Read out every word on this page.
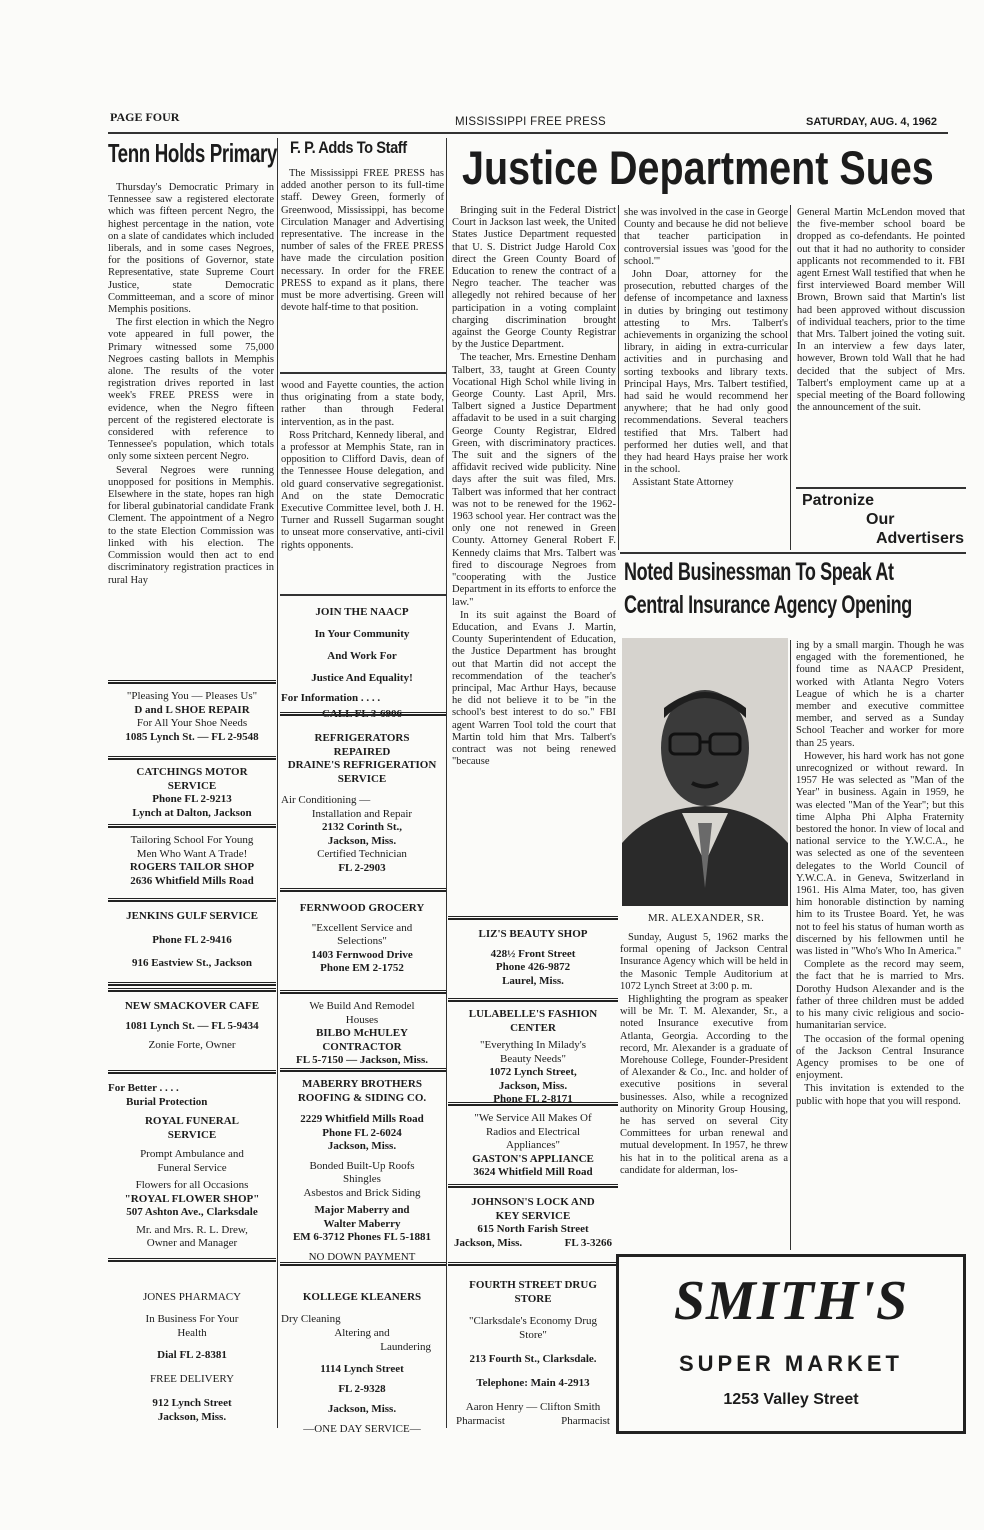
PAGE FOUR	MISSISSIPPI FREE PRESS	SATURDAY, AUG. 4, 1962
Tenn Holds Primary

Thursday's Democratic Primary in Tennessee saw a registered electorate which was fifteen percent Negro, the highest percentage in the nation, vote on a slate of candidates which included liberals, and in some cases Negroes, for the positions of Governor, state Representative, state Supreme Court Justice, state Democratic Committeeman, and a score of minor Memphis positions.

The first election in which the Negro vote appeared in full power, the Primary witnessed some 75,000 Negroes casting ballots in Memphis alone. The results of the voter registration drives reported in last week's FREE PRESS were in evidence, when the Negro fifteen percent of the registered electorate is considered with reference to Tennessee's population, which totals only some sixteen percent Negro.

Several Negroes were running unopposed for positions in Memphis. Elsewhere in the state, hopes ran high for liberal gubinatorial candidate Frank Clement. The appointment of a Negro to the state Election Commission was linked with his election. The Commission would then act to end discriminatory registration practices in rural Hay

F. P. Adds To Staff

The Mississippi FREE PRESS has added another person to its full-time staff. Dewey Green, formerly of Greenwood, Mississippi, has become Circulation Manager and Advertising representative. The increase in the number of sales of the FREE PRESS have made the circulation position necessary. In order for the FREE PRESS to expand as it plans, there must be more advertising. Green will devote half-time to that position.

wood and Fayette counties, the action thus originating from a state body, rather than through Federal intervention, as in the past.

Ross Pritchard, Kennedy liberal, and a professor at Memphis State, ran in opposition to Clifford Davis, dean of the Tennessee House delegation, and old guard conservative segregationist. And on the state Democratic Executive Committee level, both J. H. Turner and Russell Sugarman sought to unseat more conservative, anti-civil rights opponents.

Justice Department Sues

Bringing suit in the Federal District Court in Jackson last week, the United States Justice Department requested that U. S. District Judge Harold Cox direct the Green County Board of Education to renew the contract of a Negro teacher. The teacher was allegedly not rehired because of her participation in a voting complaint charging discrimination brought against the George County Registrar by the Justice Department.

The teacher, Mrs. Ernestine Denham Talbert, 33, taught at Green County Vocational High Schol while living in George County. Last April, Mrs. Talbert signed a Justice Department affadavit to be used in a suit charging George County Registrar, Eldred Green, with discriminatory practices. The suit and the signers of the affidavit recived wide publicity. Nine days after the suit was filed, Mrs. Talbert was informed that her contract was not to be renewed for the 1962-1963 school year. Her contract was the only one not renewed in Green County. Attorney General Robert F. Kennedy claims that Mrs. Talbert was fired to discourage Negroes from "cooperating with the Justice Department in its efforts to enforce the law."

In its suit against the Board of Education, and Evans J. Martin, County Superintendent of Education, the Justice Department has brought out that Martin did not accept the recommendation of the teacher's principal, Mac Arthur Hays, because he did not believe it to be "in the school's best interest to do so." FBI agent Warren Tool told the court that Martin told him that Mrs. Talbert's contract was not being renewed "because

she was involved in the case in George County and because he did not believe that teacher participation in controversial issues was 'good for the school.'"

John Doar, attorney for the prosecution, rebutted charges of the defense of incompetance and laxness in duties by bringing out testimony attesting to Mrs. Talbert's achievements in organizing the school library, in aiding in extra-curricular activities and in purchasing and sorting texbooks and library texts. Principal Hays, Mrs. Talbert testified, had said he would recommend her anywhere; that he had only good recommendations. Several teachers testified that Mrs. Talbert had performed her duties well, and that they had heard Hays praise her work in the school.

Assistant State Attorney

General Martin McLendon moved that the five-member school board be dropped as co-defendants. He pointed out that it had no authority to consider applicants not recommended to it. FBI agent Ernest Wall testified that when he first interviewed Board member Will Brown, Brown said that Martin's list had been approved without discussion of individual teachers, prior to the time that Mrs. Talbert joined the voting suit. In an interview a few days later, however, Brown told Wall that he had decided that the subject of Mrs. Talbert's employment came up at a special meeting of the Board following the announcement of the suit.

Patronize
Our
Advertisers
Noted Businessman To Speak At
Central Insurance Agency Opening
MR. ALEXANDER, SR.

Sunday, August 5, 1962 marks the formal opening of Jackson Central Insurance Agency which will be held in the Masonic Temple Auditorium at 1072 Lynch Street at 3:00 p. m.

Highlighting the program as speaker will be Mr. T. M. Alexander, Sr., a noted Insurance executive from Atlanta, Georgia. According to the record, Mr. Alexander is a graduate of Morehouse College, Founder-President of Alexander & Co., Inc. and holder of executive positions in several businesses. Also, while a recognized authority on Minority Group Housing, he has served on several City Committees for urban renewal and mutual development. In 1957, he threw his hat in to the political arena as a candidate for alderman, los-

ing by a small margin. Though he was engaged with the forementioned, he found time as NAACP President, worked with Atlanta Negro Voters League of which he is a charter member and executive committee member, and served as a Sunday School Teacher and worker for more than 25 years.

However, his hard work has not gone unrecognized or without reward. In 1957 He was selected as "Man of the Year" in business. Again in 1959, he was elected "Man of the Year"; but this time Alpha Phi Alpha Fraternity bestored the honor. In view of local and national service to the Y.W.C.A., he was selected as one of the seventeen delegates to the World Council of Y.W.C.A. in Geneva, Switzerland in 1961. His Alma Mater, too, has given him honorable distinction by naming him to its Trustee Board. Yet, he was not to feel his status of human worth as discerned by his fellowmen until he was listed in "Who's Who In America."

Complete as the record may seem, the fact that he is married to Mrs. Dorothy Hudson Alexander and is the father of three children must be added to his many civic religious and socio-humanitarian service.

The occasion of the formal opening of the Jackson Central Insurance Agency promises to be one of enjoyment.

This invitation is extended to the public with hope that you will respond.

SMITH'S
SUPER MARKET
1253 Valley Street
"Pleasing You — Pleases Us"
D and L SHOE REPAIR
For All Your Shoe Needs
1085 Lynch St. — FL 2-9548
CATCHINGS MOTOR
SERVICE
Phone FL 2-9213
Lynch at Dalton, Jackson
Tailoring School For Young
Men Who Want A Trade!
ROGERS TAILOR SHOP
2636 Whitfield Mills Road
JENKINS GULF SERVICE
Phone FL 2-9416
916 Eastview St., Jackson
NEW SMACKOVER CAFE
1081 Lynch St. — FL 5-9434
Zonie Forte, Owner
For Better . . . .
Burial Protection
ROYAL FUNERAL
SERVICE
Prompt Ambulance and
Funeral Service
Flowers for all Occasions
"ROYAL FLOWER SHOP"
507 Ashton Ave., Clarksdale
Mr. and Mrs. R. L. Drew,
Owner and Manager
JONES PHARMACY
In Business For Your
Health
Dial FL 2-8381
FREE DELIVERY
912 Lynch Street
Jackson, Miss.
JOIN THE NAACP
In Your Community
And Work For
Justice And Equality!
For Information . . . .
CALL FL 3-6906
REFRIGERATORS
REPAIRED
DRAINE'S REFRIGERATION
SERVICE
Air Conditioning —
Installation and Repair
2132 Corinth St.,
Jackson, Miss.
Certified Technician
FL 2-2903
FERNWOOD GROCERY
"Excellent Service and
Selections"
1403 Fernwood Drive
Phone EM 2-1752
We Build And Remodel
Houses
BILBO McHULEY
CONTRACTOR
FL 5-7150 — Jackson, Miss.
MABERRY BROTHERS
ROOFING & SIDING CO.
2229 Whitfield Mills Road
Phone FL 2-6024
Jackson, Miss.
Bonded Built-Up Roofs
Shingles
Asbestos and Brick Siding
Major Maberry and
Walter Maberry
EM 6-3712 Phones FL 5-1881
NO DOWN PAYMENT
KOLLEGE KLEANERS
Dry Cleaning
Altering and
Laundering
1114 Lynch Street
FL 2-9328
Jackson, Miss.
—ONE DAY SERVICE—
LIZ'S BEAUTY SHOP
428½ Front Street
Phone 426-9872
Laurel, Miss.
LULABELLE'S FASHION
CENTER
"Everything In Milady's
Beauty Needs"
1072 Lynch Street,
Jackson, Miss.
Phone FL 2-8171
"We Service All Makes Of
Radios and Electrical
Appliances"
GASTON'S APPLIANCE
3624 Whitfield Mill Road
JOHNSON'S LOCK AND
KEY SERVICE
615 North Farish Street
Jackson, Miss.	FL 3-3266
FOURTH STREET DRUG
STORE
"Clarksdale's Economy Drug
Store"
213 Fourth St., Clarksdale.
Telephone: Main 4-2913
Aaron Henry — Clifton Smith
Pharmacist	Pharmacist
